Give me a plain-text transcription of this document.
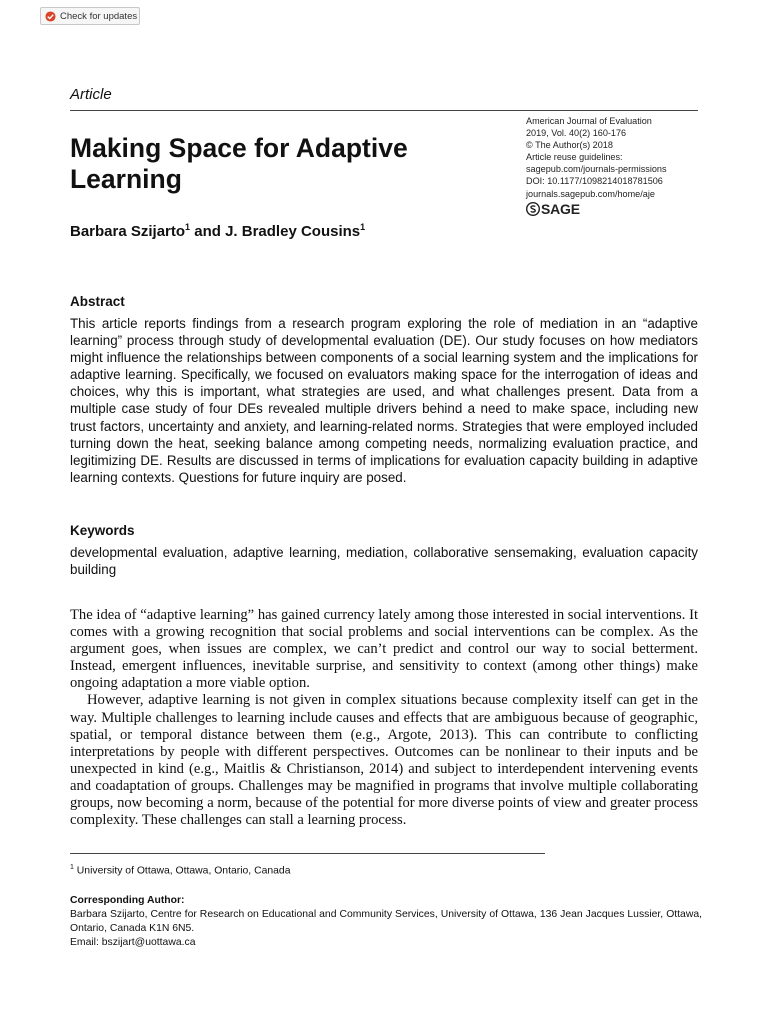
Check for updates
Article
American Journal of Evaluation
2019, Vol. 40(2) 160-176
© The Author(s) 2018
Article reuse guidelines:
sagepub.com/journals-permissions
DOI: 10.1177/1098214018781506
journals.sagepub.com/home/aje
SAGE
Making Space for Adaptive Learning
Barbara Szijarto$^1$ and J. Bradley Cousins$^1$
Abstract

This article reports findings from a research program exploring the role of mediation in an “adaptive learning” process through study of developmental evaluation (DE). Our study focuses on how mediators might influence the relationships between components of a social learning system and the implications for adaptive learning. Specifically, we focused on evaluators making space for the interrogation of ideas and choices, why this is important, what strategies are used, and what challenges present. Data from a multiple case study of four DEs revealed multiple drivers behind a need to make space, including new trust factors, uncertainty and anxiety, and learning-related norms. Strategies that were employed included turning down the heat, seeking balance among competing needs, normalizing evaluation practice, and legitimizing DE. Results are discussed in terms of implications for evaluation capacity building in adaptive learning contexts. Questions for future inquiry are posed.

Keywords

developmental evaluation, adaptive learning, mediation, collaborative sensemaking, evaluation capacity building

The idea of “adaptive learning” has gained currency lately among those interested in social interventions. It comes with a growing recognition that social problems and social interventions can be complex. As the argument goes, when issues are complex, we can’t predict and control our way to social betterment. Instead, emergent influences, inevitable surprise, and sensitivity to context (among other things) make ongoing adaptation a more viable option.

However, adaptive learning is not given in complex situations because complexity itself can get in the way. Multiple challenges to learning include causes and effects that are ambiguous because of geographic, spatial, or temporal distance between them (e.g., Argote, 2013). This can contribute to conflicting interpretations by people with different perspectives. Outcomes can be nonlinear to their inputs and be unexpected in kind (e.g., Maitlis & Christianson, 2014) and subject to interdependent intervening events and coadaptation of groups. Challenges may be magnified in programs that involve multiple collaborating groups, now becoming a norm, because of the potential for more diverse points of view and greater process complexity. These challenges can stall a learning process.

$^1$ University of Ottawa, Ottawa, Ontario, Canada
Corresponding Author:
Barbara Szijarto, Centre for Research on Educational and Community Services, University of Ottawa, 136 Jean Jacques Lussier, Ottawa, Ontario, Canada K1N 6N5.
Email: bszijart@uottawa.ca
